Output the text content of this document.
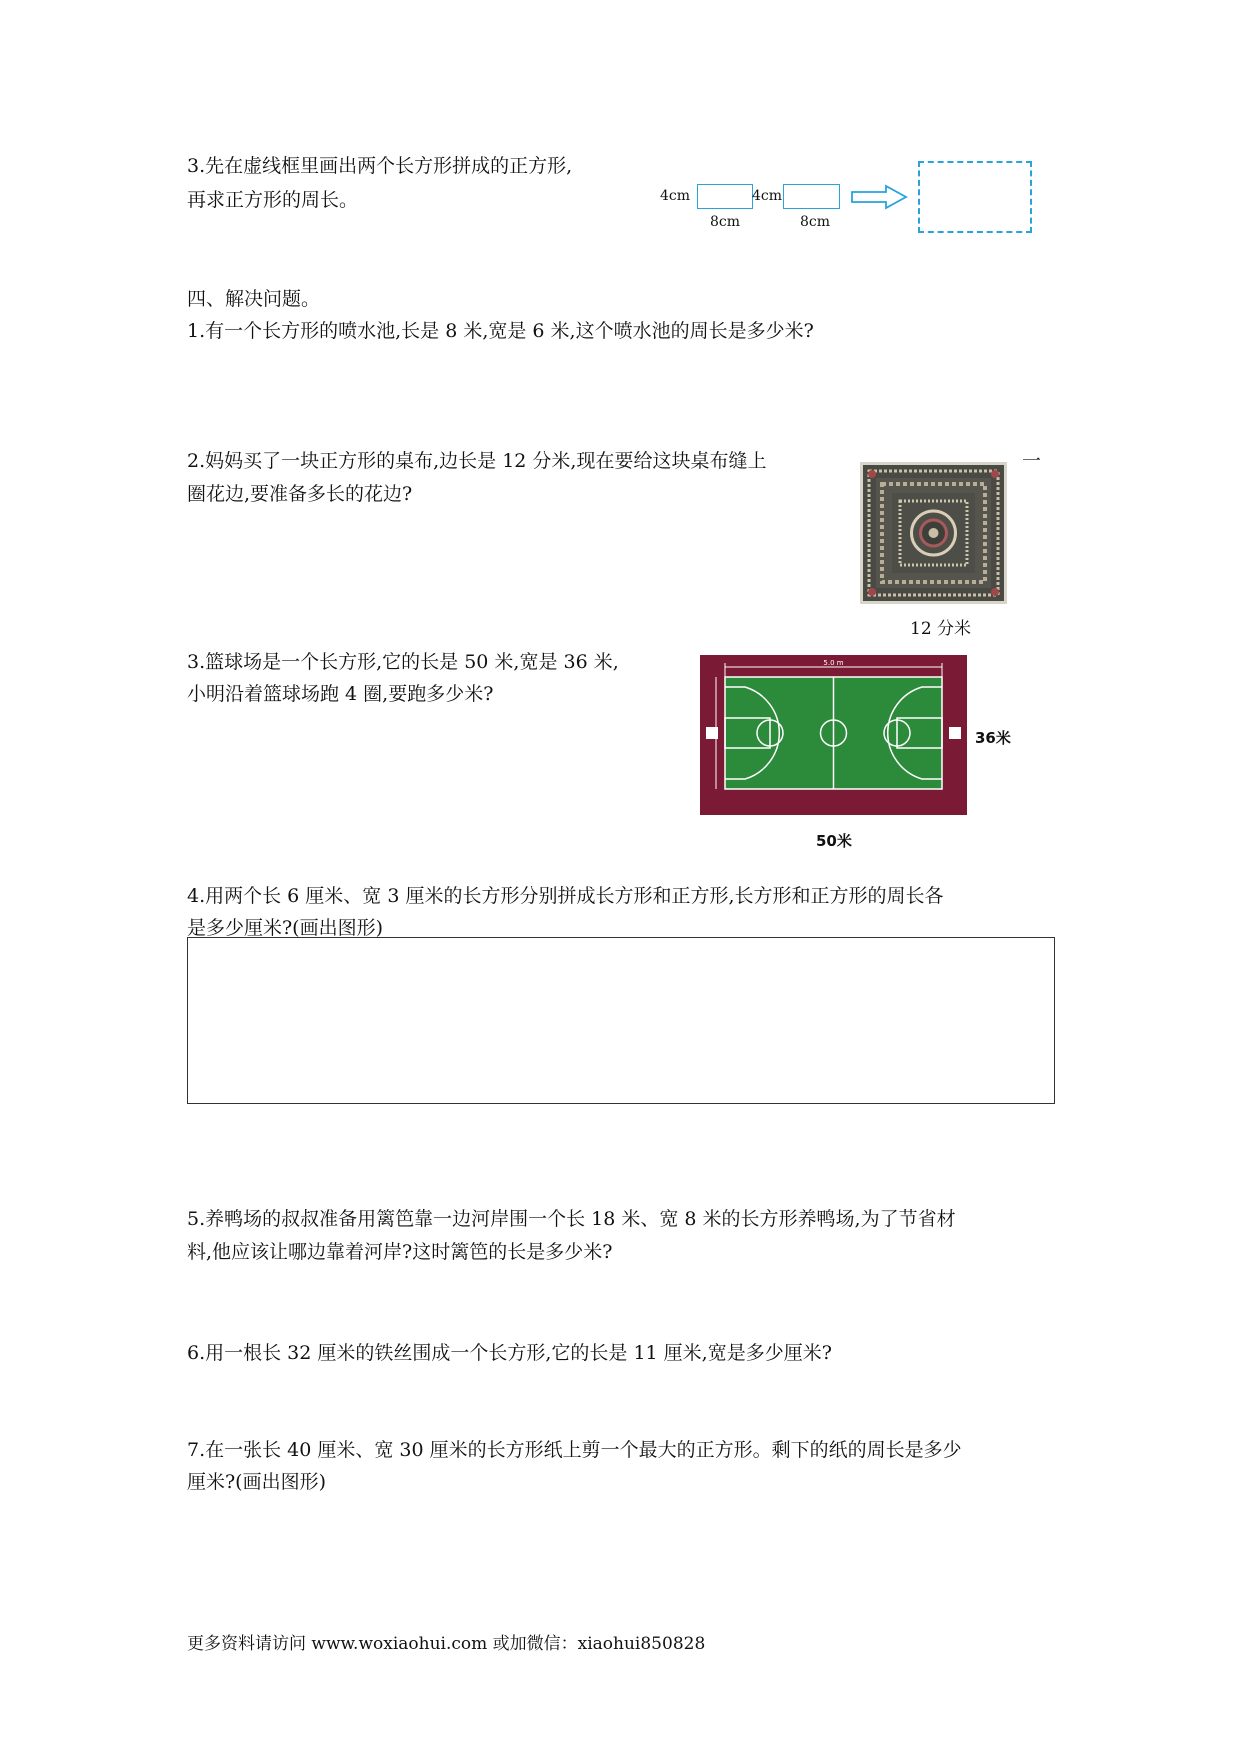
3.先在虚线框里画出两个长方形拼成的正方形,
再求正方形的周长。	4cm
8cm
4cm
8cm
四、解决问题。
1.有一个长方形的喷水池,长是 8 米,宽是 6 米,这个喷水池的周长是多少米?
2.妈妈买了一块正方形的桌布,边长是 12 分米,现在要给这块桌布缝上	一
圈花边,要准备多长的花边?
12 分米
3.篮球场是一个长方形,它的长是 50 米,宽是 36 米,
小明沿着篮球场跑 4 圈,要跑多少米?
5.0 m
36米
50米
4.用两个长 6 厘米、宽 3 厘米的长方形分别拼成长方形和正方形,长方形和正方形的周长各
是多少厘米?(画出图形)
5.养鸭场的叔叔准备用篱笆靠一边河岸围一个长 18 米、宽 8 米的长方形养鸭场,为了节省材
料,他应该让哪边靠着河岸?这时篱笆的长是多少米?
6.用一根长 32 厘米的铁丝围成一个长方形,它的长是 11 厘米,宽是多少厘米?
7.在一张长 40 厘米、宽 30 厘米的长方形纸上剪一个最大的正方形。剩下的纸的周长是多少
厘米?(画出图形)
更多资料请访问 www.woxiaohui.com 或加微信：xiaohui850828
